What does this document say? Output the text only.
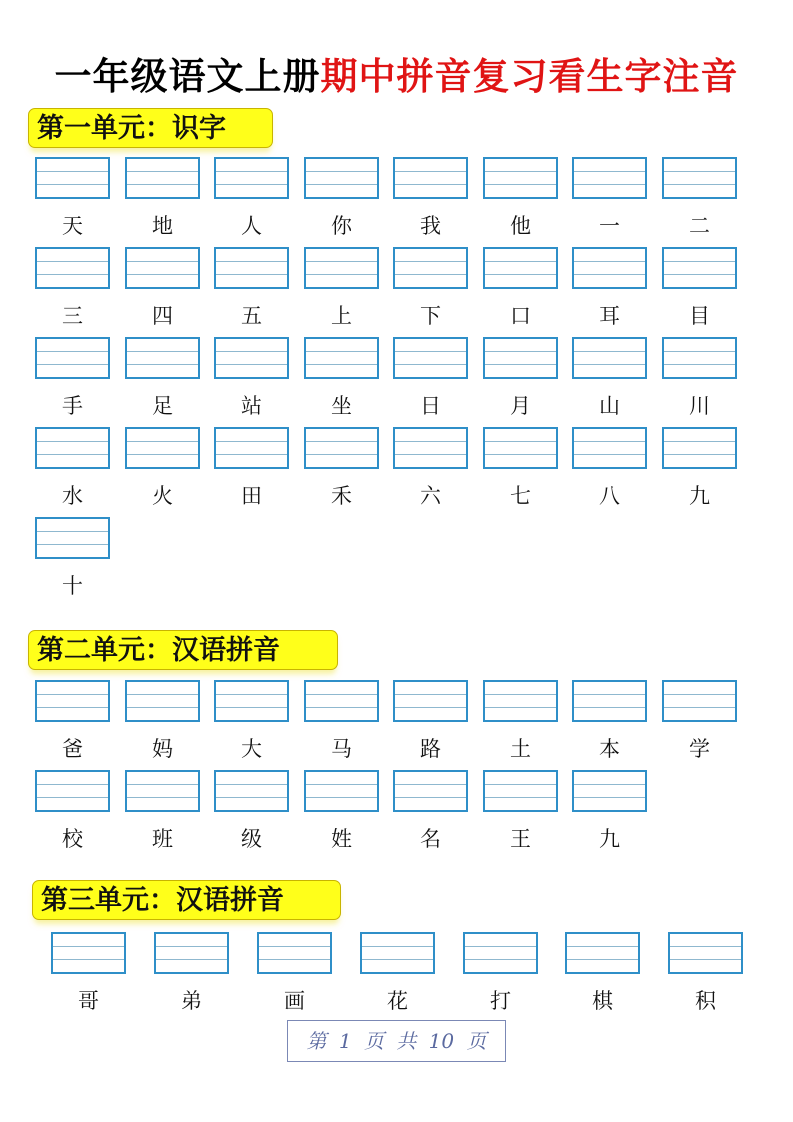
一年级语文上册期中拼音复习看生字注音
第一单元：识字
天	地	人	你	我	他	一	二
三	四	五	上	下	口	耳	目
手	足	站	坐	日	月	山	川
水	火	田	禾	六	七	八	九
十
第二单元：汉语拼音
爸	妈	大	马	路	土	本	学
校	班	级	姓	名	王	九
第三单元：汉语拼音
哥	弟	画	花	打	棋	积
第 1 页 共 10 页
